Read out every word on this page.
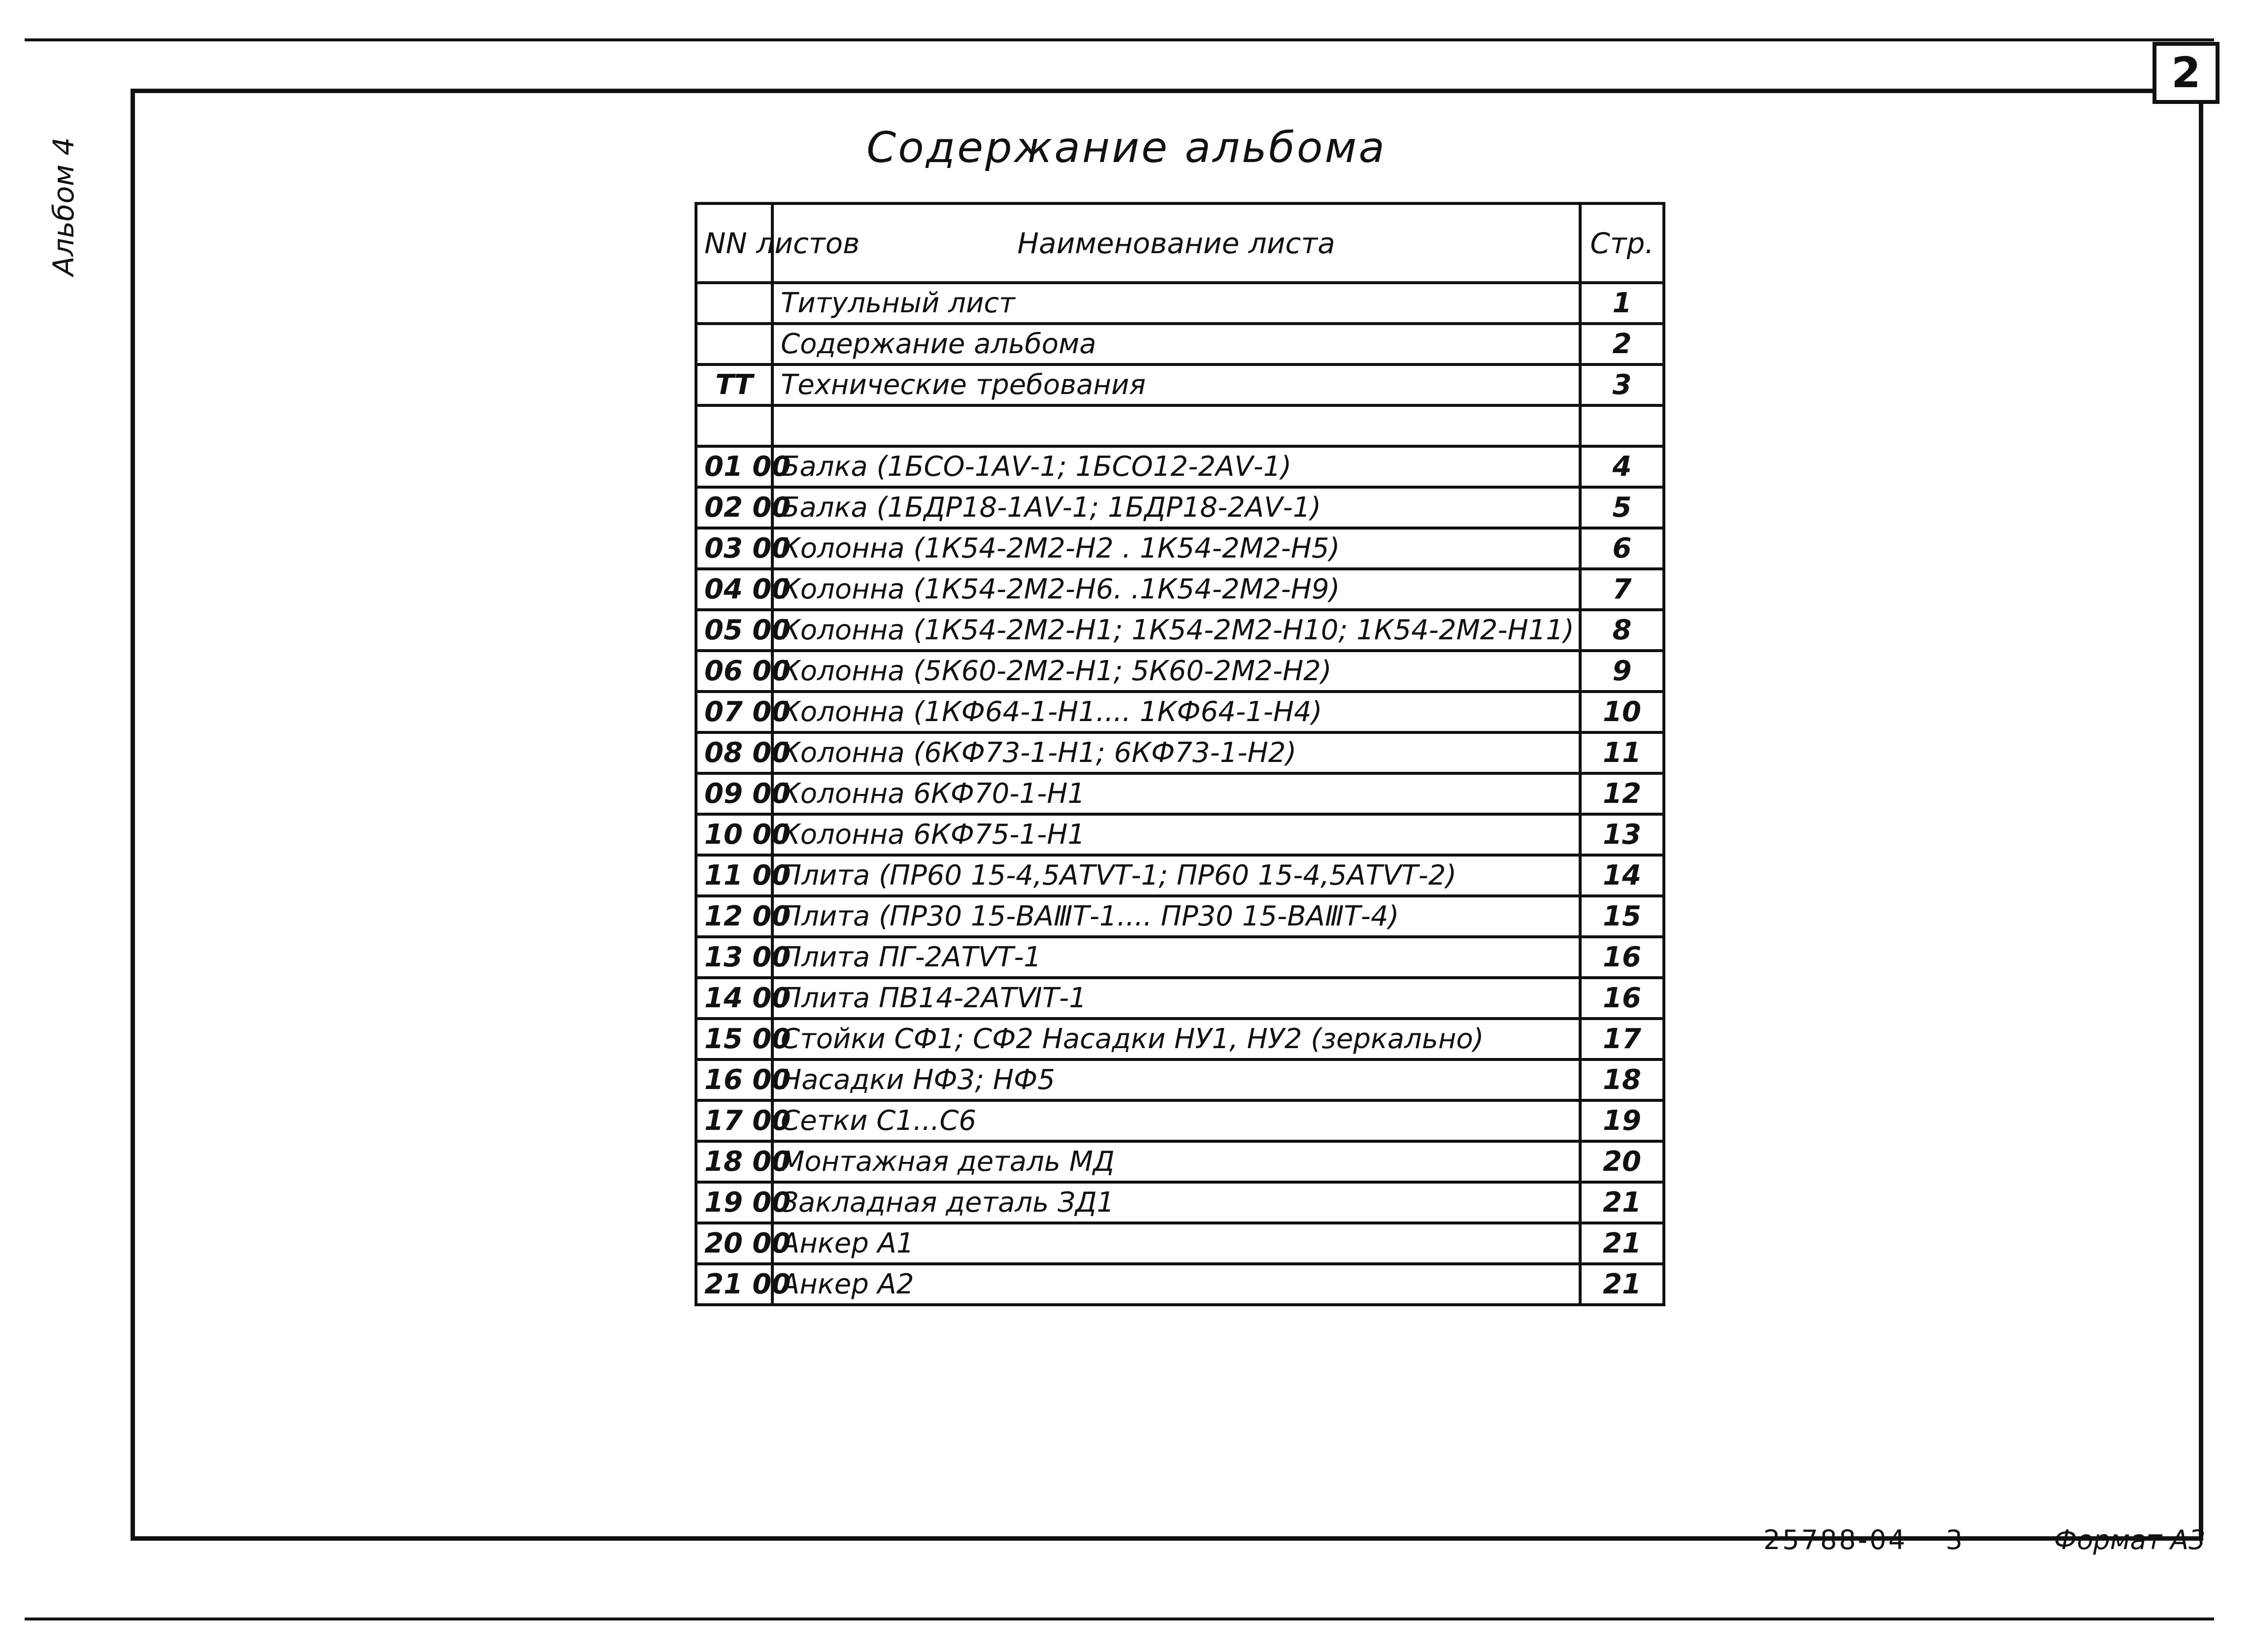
2
Альбом 4	Содержание альбома
NN листов	Наименование листа	Стр.
	Титульный лист	1
	Содержание альбома	2
ТТ	Технические требования	3

01 00	Балка (1БСО-1АⅤ-1; 1БСО12-2АⅤ-1)	4
02 00	Балка (1БДР18-1АⅤ-1; 1БДР18-2АⅤ-1)	5
03 00	Колонна (1К54-2М2-Н2 . 1К54-2М2-Н5)	6
04 00	Колонна (1К54-2М2-Н6. .1К54-2М2-Н9)	7
05 00	Колонна (1К54-2М2-Н1; 1К54-2М2-Н10; 1К54-2М2-Н11)	8
06 00	Колонна (5К60-2М2-Н1; 5К60-2М2-Н2)	9
07 00	Колонна (1КФ64-1-Н1.... 1КФ64-1-Н4)	10
08 00	Колонна (6КФ73-1-Н1; 6КФ73-1-Н2)	11
09 00	Колонна 6КФ70-1-Н1	12
10 00	Колонна 6КФ75-1-Н1	13
11 00	Плита (ПР60 15-4,5АТⅤТ-1; ПР60 15-4,5АТⅤТ-2)	14
12 00	Плита (ПР30 15-ВАⅢТ-1.... ПР30 15-ВАⅢТ-4)	15
13 00	Плита ПГ-2АТⅤТ-1	16
14 00	Плита ПВ14-2АТⅥТ-1	16
15 00	Стойки СФ1; СФ2 Насадки НУ1, НУ2 (зеркально)	17
16 00	Насадки НФ3; НФ5	18
17 00	Сетки С1...С6	19
18 00	Монтажная деталь МД	20
19 00	Закладная деталь ЗД1	21
20 00	Анкер А1	21
21 00	Анкер А2	21
25788-04 3	Формат А3
